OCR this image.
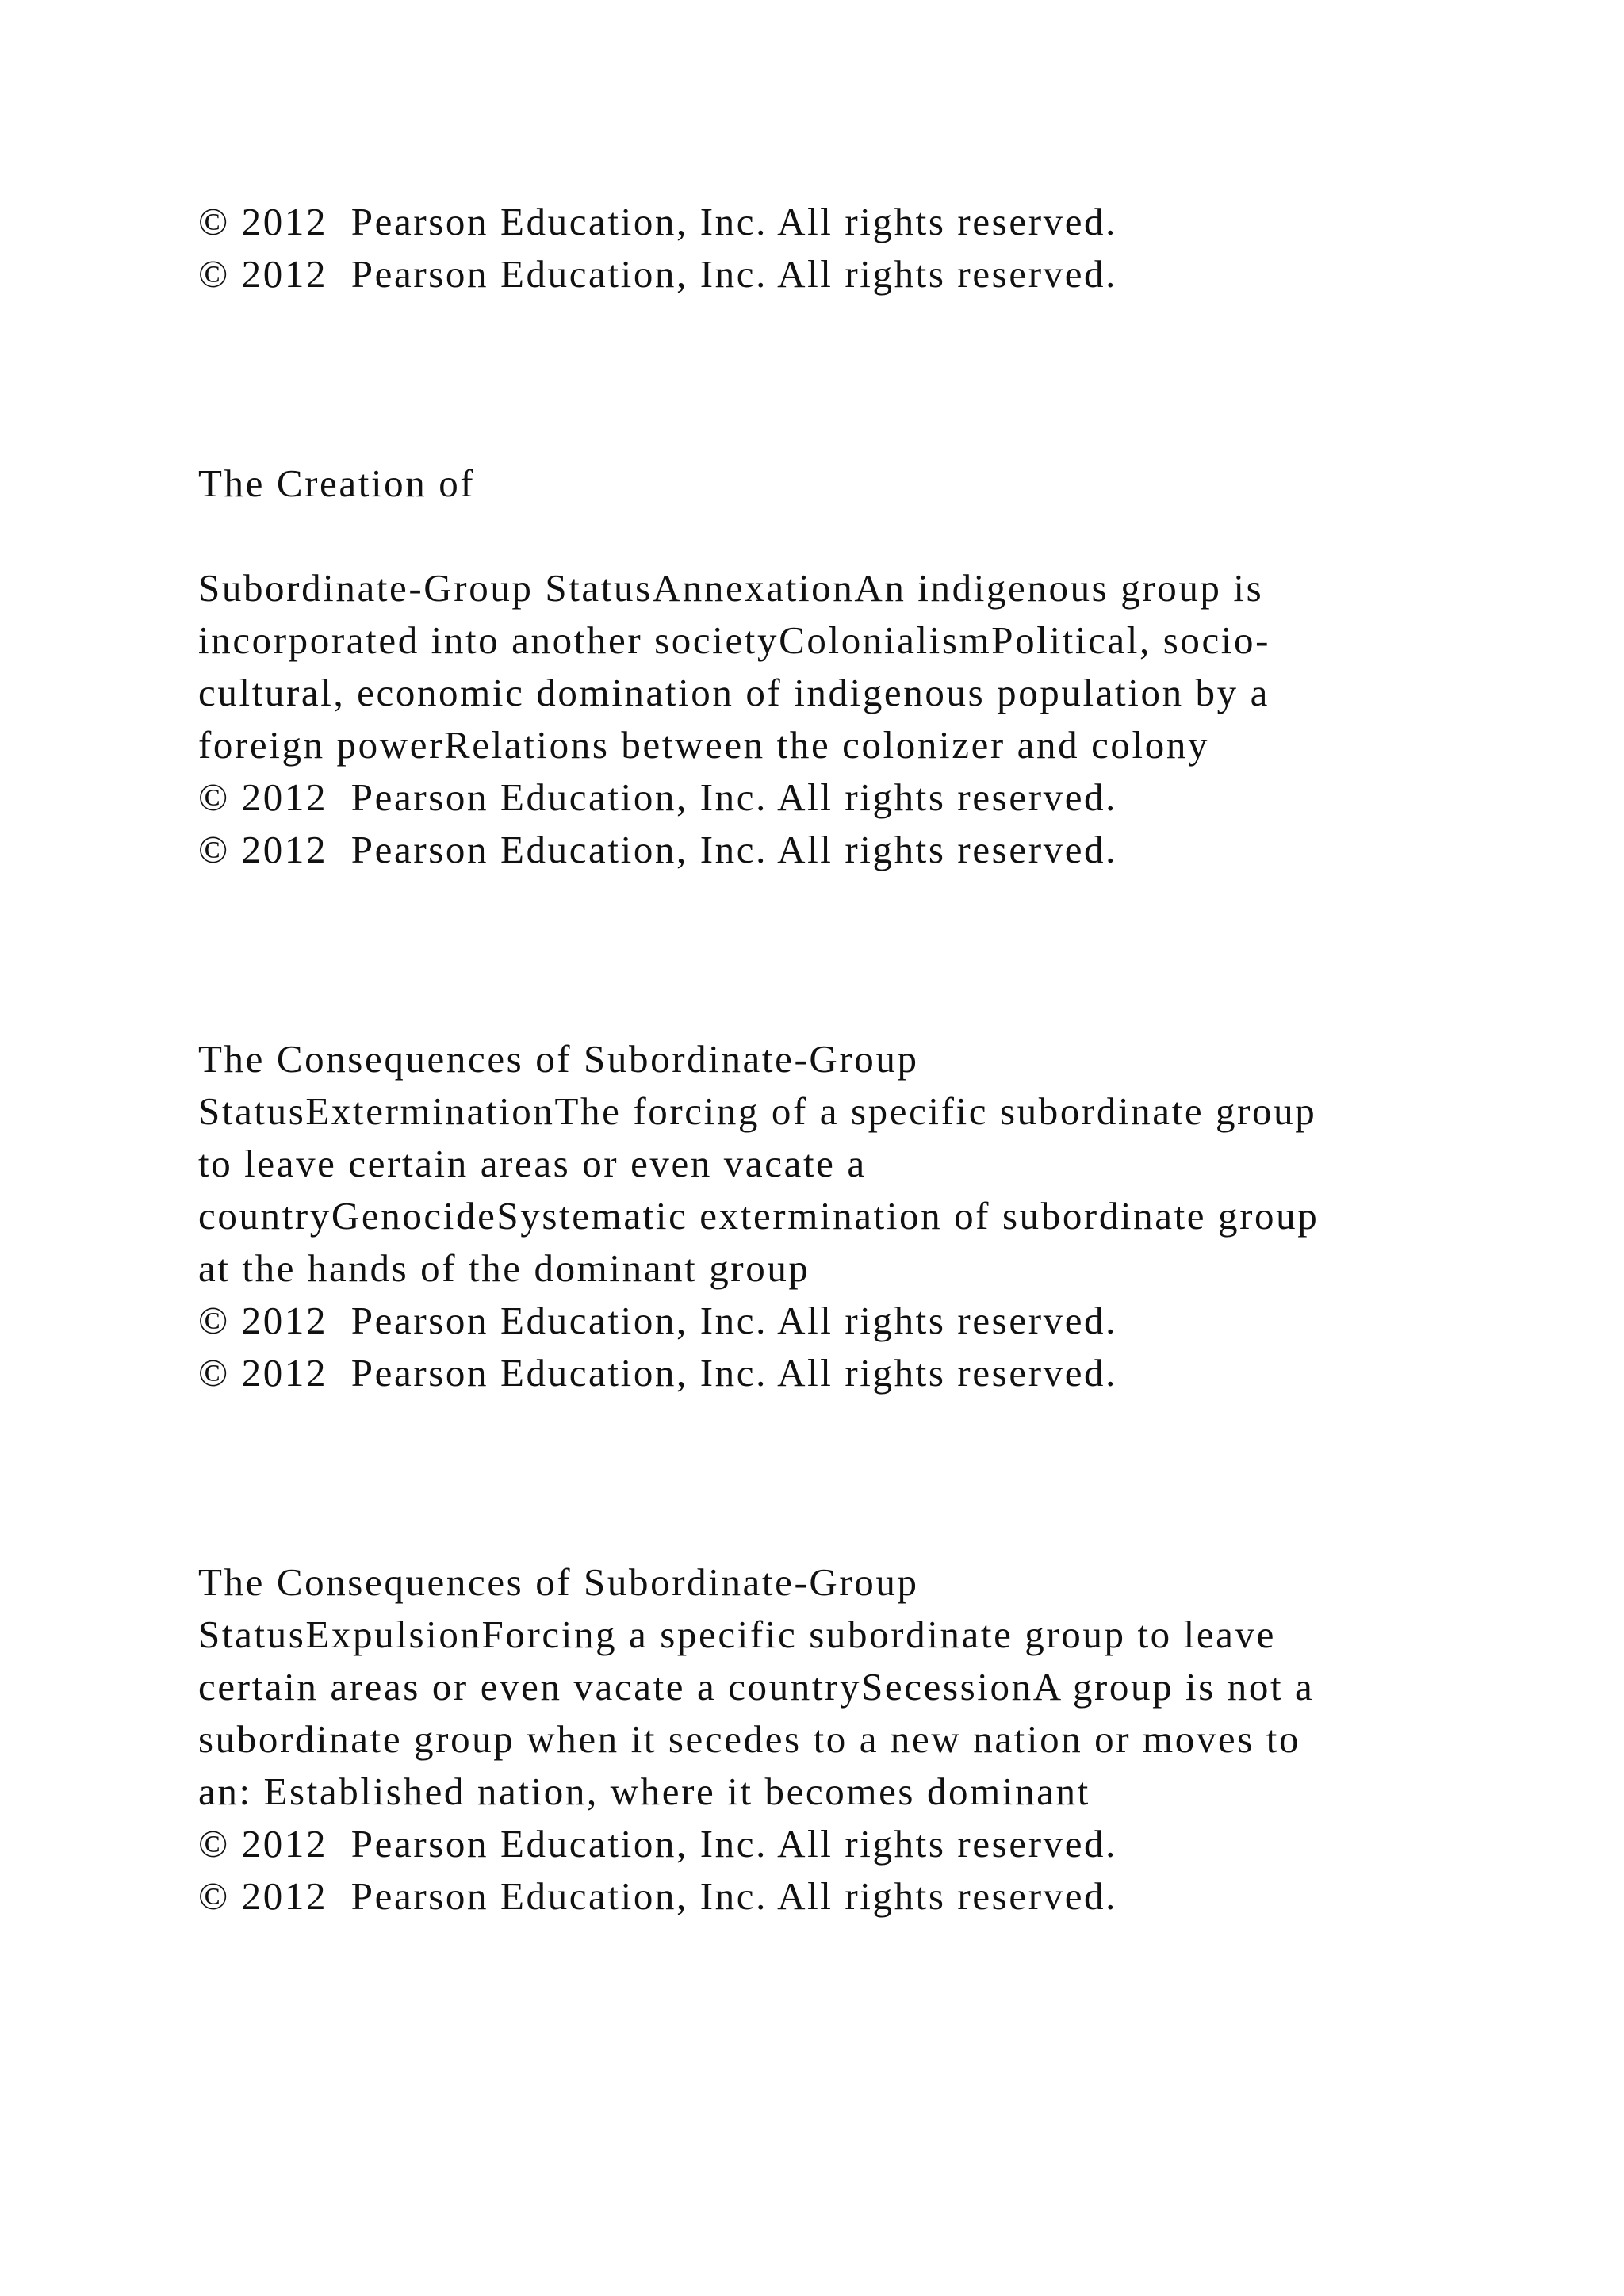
© 2012  Pearson Education, Inc. All rights reserved.
© 2012  Pearson Education, Inc. All rights reserved.
The Creation of
Subordinate-Group StatusAnnexationAn indigenous group is
incorporated into another societyColonialismPolitical, socio-
cultural, economic domination of indigenous population by a
foreign powerRelations between the colonizer and colony
© 2012  Pearson Education, Inc. All rights reserved.
© 2012  Pearson Education, Inc. All rights reserved.
The Consequences of Subordinate-Group
StatusExterminationThe forcing of a specific subordinate group
to leave certain areas or even vacate a
countryGenocideSystematic extermination of subordinate group
at the hands of the dominant group
© 2012  Pearson Education, Inc. All rights reserved.
© 2012  Pearson Education, Inc. All rights reserved.
The Consequences of Subordinate-Group
StatusExpulsionForcing a specific subordinate group to leave
certain areas or even vacate a countrySecessionA group is not a
subordinate group when it secedes to a new nation or moves to
an: Established nation, where it becomes dominant
© 2012  Pearson Education, Inc. All rights reserved.
© 2012  Pearson Education, Inc. All rights reserved.
